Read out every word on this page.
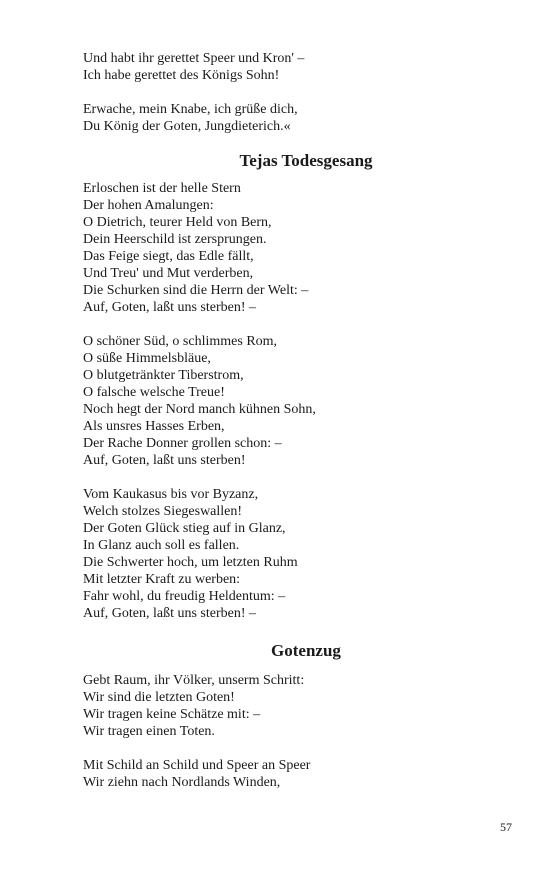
Und habt ihr gerettet Speer und Kron' –
Ich habe gerettet des Königs Sohn!
Erwache, mein Knabe, ich grüße dich,
Du König der Goten, Jungdieterich.«
Tejas Todesgesang
Erloschen ist der helle Stern
Der hohen Amalungen:
O Dietrich, teurer Held von Bern,
Dein Heerschild ist zersprungen.
Das Feige siegt, das Edle fällt,
Und Treu' und Mut verderben,
Die Schurken sind die Herrn der Welt: –
Auf, Goten, laßt uns sterben! –
O schöner Süd, o schlimmes Rom,
O süße Himmelsbläue,
O blutgetränkter Tiberstrom,
O falsche welsche Treue!
Noch hegt der Nord manch kühnen Sohn,
Als unsres Hasses Erben,
Der Rache Donner grollen schon: –
Auf, Goten, laßt uns sterben!
Vom Kaukasus bis vor Byzanz,
Welch stolzes Siegeswallen!
Der Goten Glück stieg auf in Glanz,
In Glanz auch soll es fallen.
Die Schwerter hoch, um letzten Ruhm
Mit letzter Kraft zu werben:
Fahr wohl, du freudig Heldentum: –
Auf, Goten, laßt uns sterben! –
Gotenzug
Gebt Raum, ihr Völker, unserm Schritt:
Wir sind die letzten Goten!
Wir tragen keine Schätze mit: –
Wir tragen einen Toten.
Mit Schild an Schild und Speer an Speer
Wir ziehn nach Nordlands Winden,
57
